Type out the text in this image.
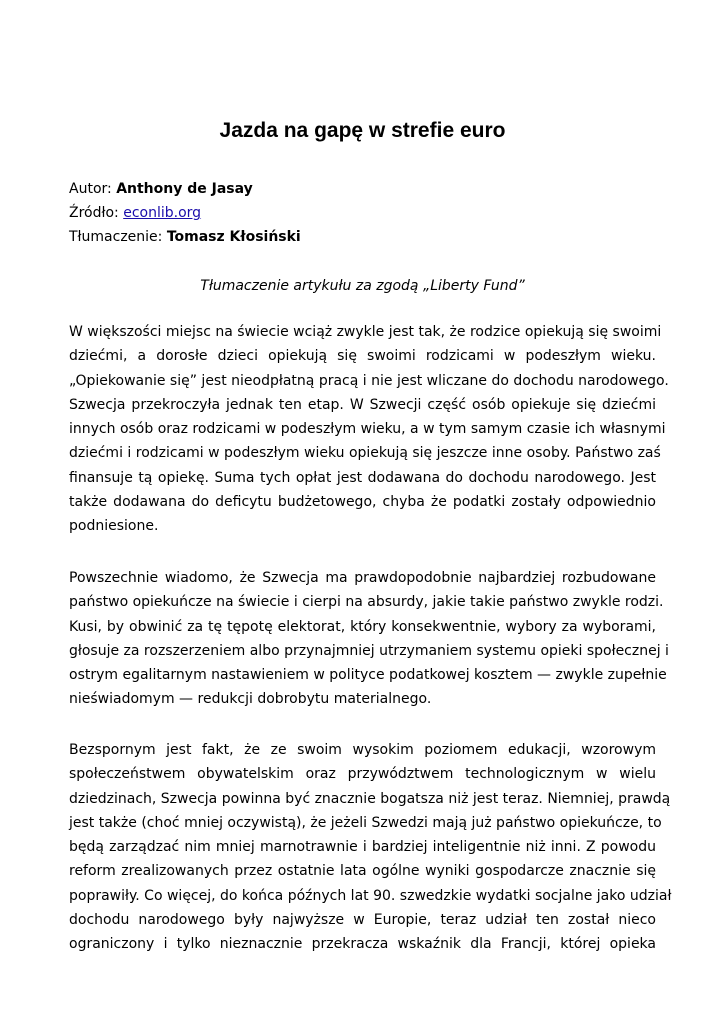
Jazda na gapę w strefie euro

Autor: Anthony de Jasay

Źródło: econlib.org

Tłumaczenie: Tomasz Kłosiński

Tłumaczenie artykułu za zgodą „Liberty Fund”

W większości miejsc na świecie wciąż zwykle jest tak, że rodzice opiekują się swoimi
dziećmi, a dorosłe dzieci opiekują się swoimi rodzicami w podeszłym wieku.
„Opiekowanie się” jest nieodpłatną pracą i nie jest wliczane do dochodu narodowego.
Szwecja przekroczyła jednak ten etap. W Szwecji część osób opiekuje się dziećmi
innych osób oraz rodzicami w podeszłym wieku, a w tym samym czasie ich własnymi
dziećmi i rodzicami w podeszłym wieku opiekują się jeszcze inne osoby. Państwo zaś
finansuje tą opiekę. Suma tych opłat jest dodawana do dochodu narodowego. Jest
także dodawana do deficytu budżetowego, chyba że podatki zostały odpowiednio
podniesione.
Powszechnie wiadomo, że Szwecja ma prawdopodobnie najbardziej rozbudowane
państwo opiekuńcze na świecie i cierpi na absurdy, jakie takie państwo zwykle rodzi.
Kusi, by obwinić za tę tępotę elektorat, który konsekwentnie, wybory za wyborami,
głosuje za rozszerzeniem albo przynajmniej utrzymaniem systemu opieki społecznej i
ostrym egalitarnym nastawieniem w polityce podatkowej kosztem — zwykle zupełnie
nieświadomym — redukcji dobrobytu materialnego.
Bezspornym jest fakt, że ze swoim wysokim poziomem edukacji, wzorowym
społeczeństwem obywatelskim oraz przywództwem technologicznym w wielu
dziedzinach, Szwecja powinna być znacznie bogatsza niż jest teraz. Niemniej, prawdą
jest także (choć mniej oczywistą), że jeżeli Szwedzi mają już państwo opiekuńcze, to
będą zarządzać nim mniej marnotrawnie i bardziej inteligentnie niż inni. Z powodu
reform zrealizowanych przez ostatnie lata ogólne wyniki gospodarcze znacznie się
poprawiły. Co więcej, do końca późnych lat 90. szwedzkie wydatki socjalne jako udział
dochodu narodowego były najwyższe w Europie, teraz udział ten został nieco
ograniczony i tylko nieznacznie przekracza wskaźnik dla Francji, której opieka
